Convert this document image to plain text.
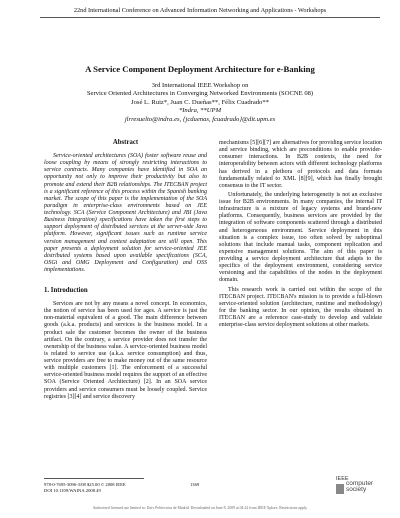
22nd International Conference on Advanced Information Networking and Applications - Workshops
A Service Component Deployment Architecture for e-Banking
3rd International IEEE Workshop on
Service Oriented Architectures in Converging Networked Environments (SOCNE 08)
José L. Ruiz*, Juan C. Dueñas**, Félix Cuadrado**
*Indra, **UPM
jlrresuelto@indra.es, {jcduenas, fcuadrado}@dit.upm.es
Abstract

Service-oriented architectures (SOA) foster software reuse and loose coupling by means of strongly restricting interactions to service contracts. Many companies have identified in SOA an opportunity not only to improve their productivity but also to promote and extend their B2B relationships. The ITECBAN project is a significant reference of this process within the Spanish banking market. The scope of this paper is the implementation of the SOA paradigm in enterprise-class environments based on JEE technology. SCA (Service Component Architecture) and JBI (Java Business Integration) specifications have taken the first steps to support deployment of distributed services at the server-side Java platform. However, significant issues such as runtime service version management and context adaptation are still open. This paper presents a deployment solution for service-oriented JEE distributed systems based upon available specifications (SCA, OSGi and OMG Deployment and Configuration) and OSS implementations.

1. Introduction

Services are not by any means a novel concept. In economics, the notion of service has been used for ages. A service is just the non-material equivalent of a good. The main difference between goods (a.k.a. products) and services is the business model. In a product sale the customer becomes the owner of the business artifact. On the contrary, a service provider does not transfer the ownership of the business value. A service-oriented business model is related to service use (a.k.a. service consumption) and thus, service providers are free to make money out of the same resource with multiple customers [1]. The enforcement of a successful service-oriented business model requires the support of an effective SOA (Service Oriented Architecture) [2]. In an SOA service providers and service consumers must be loosely coupled. Service registries [3][4] and service discovery

mechanisms [5][6][7] are alternatives for providing service location and service binding, which are preconditions to enable provider-consumer interactions. In B2B contexts, the need for interoperability between actors with different technology platforms has derived in a plethora of protocols and data formats fundamentally related to XML [8][9], which has finally brought consensus to the IT sector.

Unfortunately, the underlying heterogeneity is not an exclusive issue for B2B environments. In many companies, the internal IT infrastructure is a mixture of legacy systems and brand-new platforms. Consequently, business services are provided by the integration of software components scattered through a distributed and heterogeneous environment. Service deployment in this situation is a complex issue, too often solved by suboptimal solutions that include manual tasks, component replication and expensive management solutions. The aim of this paper is providing a service deployment architecture that adapts to the specifics of the deployment environment, considering service versioning and the capabilities of the nodes in the deployment domain.

This research work is carried out within the scope of the ITECBAN project. ITECBAN's mission is to provide a full-blown service-oriented solution (architecture, runtime and methodology) for the banking sector. In our opinion, the results obtained in ITECBAN are a reference case-study to develop and validate enterprise-class service deployment solutions at other markets.

978-0-7695-3096-3/08 $25.00 © 2008 IEEE
DOI 10.1109/WAINA.2008.49
1369
IEEE
computer
society
Authorized licensed use limited to: Univ Politecnica de Madrid. Downloaded on June 8, 2009 at 04:22 from IEEE Xplore. Restrictions apply.
